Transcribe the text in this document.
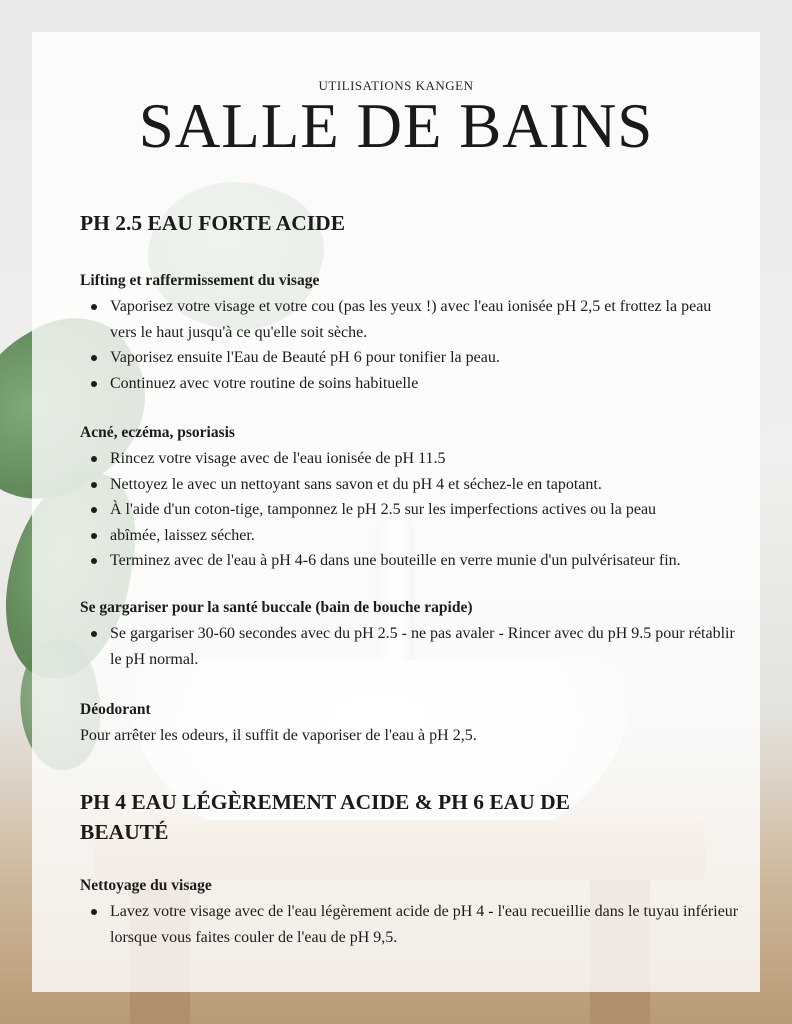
UTILISATIONS KANGEN
SALLE DE BAINS
PH 2.5 EAU FORTE ACIDE
Lifting et raffermissement du visage
Vaporisez votre visage et votre cou (pas les yeux !) avec l'eau ionisée pH 2,5 et frottez la peau vers le haut jusqu'à ce qu'elle soit sèche.
Vaporisez ensuite l'Eau de Beauté pH 6 pour tonifier la peau.
Continuez avec votre routine de soins habituelle
Acné, eczéma, psoriasis
Rincez votre visage avec de l'eau ionisée de pH 11.5
Nettoyez le avec un nettoyant sans savon et du pH 4 et séchez-le en tapotant.
À l'aide d'un coton-tige, tamponnez le pH 2.5 sur les imperfections actives ou la peau
abîmée, laissez sécher.
Terminez avec de l'eau à pH 4-6 dans une bouteille en verre munie d'un pulvérisateur fin.
Se gargariser pour la santé buccale (bain de bouche rapide)
Se gargariser 30-60 secondes avec du pH 2.5 - ne pas avaler - Rincer avec du pH 9.5 pour rétablir le pH normal.
Déodorant

Pour arrêter les odeurs, il suffit de vaporiser de l'eau à pH 2,5.

PH 4 EAU LÉGÈREMENT ACIDE & PH 6 EAU DE BEAUTÉ
Nettoyage du visage
Lavez votre visage avec de l'eau légèrement acide de pH 4 - l'eau recueillie dans le tuyau inférieur lorsque vous faites couler de l'eau de pH 9,5.
